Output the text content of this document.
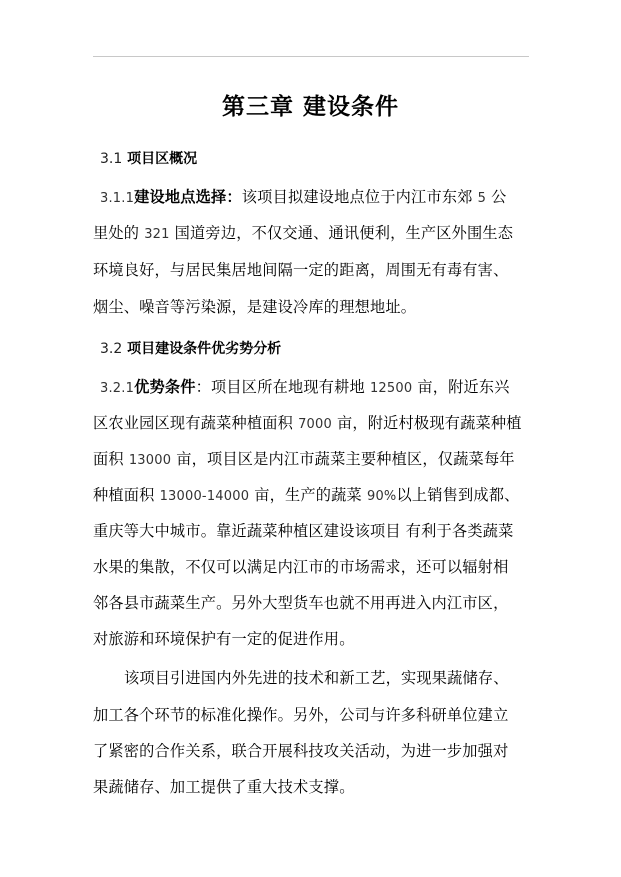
第三章 建设条件
3.1 项目区概况
3.1.1建设地点选择：该项目拟建设地点位于内江市东郊 5 公
里处的 321 国道旁边，不仅交通、通讯便利，生产区外围生态
环境良好，与居民集居地间隔一定的距离，周围无有毒有害、
烟尘、噪音等污染源，是建设冷库的理想地址。
3.2 项目建设条件优劣势分析
3.2.1优势条件：项目区所在地现有耕地 12500 亩，附近东兴
区农业园区现有蔬菜种植面积 7000 亩，附近村极现有蔬菜种植
面积 13000 亩，项目区是内江市蔬菜主要种植区，仅蔬菜每年
种植面积 13000-14000 亩，生产的蔬菜 90%以上销售到成都、
重庆等大中城市。靠近蔬菜种植区建设该项目 有利于各类蔬菜
水果的集散，不仅可以满足内江市的市场需求，还可以辐射相
邻各县市蔬菜生产。另外大型货车也就不用再进入内江市区，
对旅游和环境保护有一定的促进作用。
该项目引进国内外先进的技术和新工艺，实现果蔬储存、
加工各个环节的标准化操作。另外，公司与许多科研单位建立
了紧密的合作关系，联合开展科技攻关活动，为进一步加强对
果蔬储存、加工提供了重大技术支撑。
